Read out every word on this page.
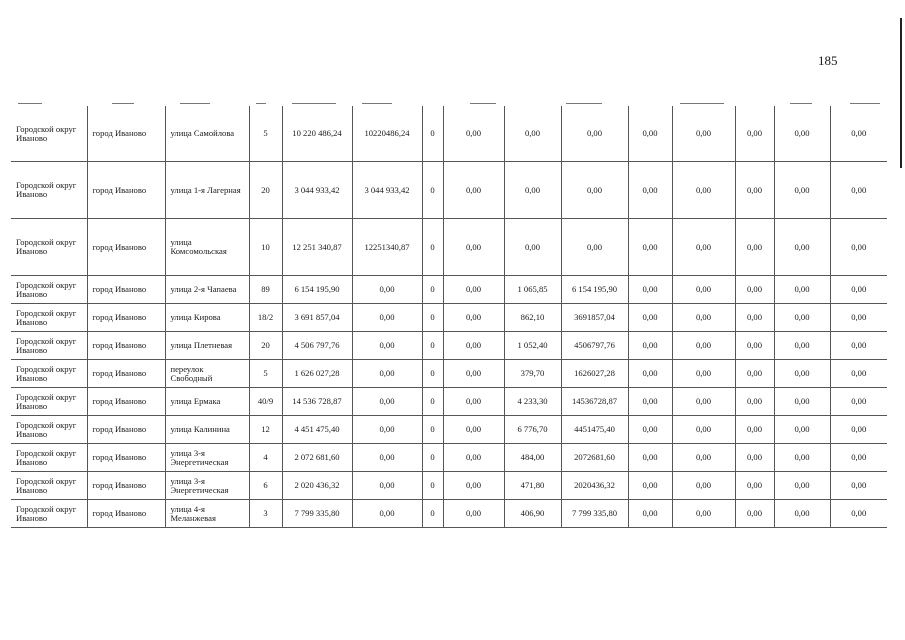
185
Городской округ Иваново	город Иваново	улица Самойлова	5	10 220 486,24	10220486,24	0	0,00	0,00	0,00	0,00	0,00	0,00	0,00	0,00
Городской округ Иваново	город Иваново	улица 1-я Лагерная	20	3 044 933,42	3 044 933,42	0	0,00	0,00	0,00	0,00	0,00	0,00	0,00	0,00
Городской округ Иваново	город Иваново	улица Комсомольская	10	12 251 340,87	12251340,87	0	0,00	0,00	0,00	0,00	0,00	0,00	0,00	0,00
Городской округ Иваново	город Иваново	улица 2-я Чапаева	89	6 154 195,90	0,00	0	0,00	1 065,85	6 154 195,90	0,00	0,00	0,00	0,00	0,00
Городской округ Иваново	город Иваново	улица Кирова	18/2	3 691 857,04	0,00	0	0,00	862,10	3691857,04	0,00	0,00	0,00	0,00	0,00
Городской округ Иваново	город Иваново	улица Плетневая	20	4 506 797,76	0,00	0	0,00	1 052,40	4506797,76	0,00	0,00	0,00	0,00	0,00
Городской округ Иваново	город Иваново	переулок Свободный	5	1 626 027,28	0,00	0	0,00	379,70	1626027,28	0,00	0,00	0,00	0,00	0,00
Городской округ Иваново	город Иваново	улица Ермака	40/9	14 536 728,87	0,00	0	0,00	4 233,30	14536728,87	0,00	0,00	0,00	0,00	0,00
Городской округ Иваново	город Иваново	улица Калинина	12	4 451 475,40	0,00	0	0,00	6 776,70	4451475,40	0,00	0,00	0,00	0,00	0,00
Городской округ Иваново	город Иваново	улица 3-я Энергетическая	4	2 072 681,60	0,00	0	0,00	484,00	2072681,60	0,00	0,00	0,00	0,00	0,00
Городской округ Иваново	город Иваново	улица 3-я Энергетическая	6	2 020 436,32	0,00	0	0,00	471,80	2020436,32	0,00	0,00	0,00	0,00	0,00
Городской округ Иваново	город Иваново	улица 4-я Меланжевая	3	7 799 335,80	0,00	0	0,00	406,90	7 799 335,80	0,00	0,00	0,00	0,00	0,00
